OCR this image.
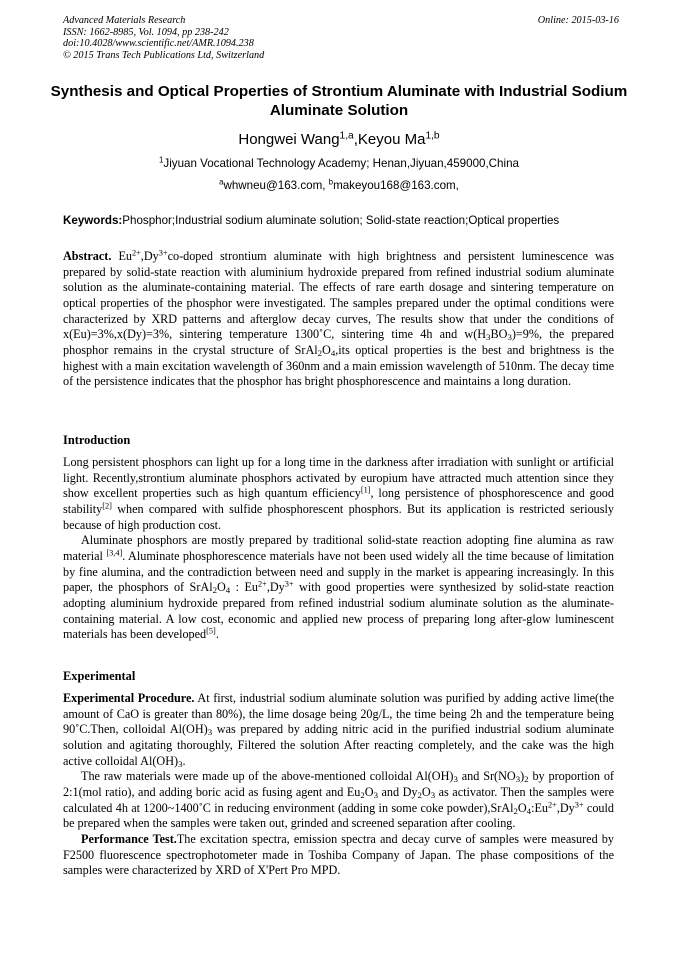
Advanced Materials Research
ISSN: 1662-8985, Vol. 1094, pp 238-242
doi:10.4028/www.scientific.net/AMR.1094.238
© 2015 Trans Tech Publications Ltd, Switzerland
Online: 2015-03-16
Synthesis and Optical Properties of Strontium Aluminate with Industrial Sodium Aluminate Solution
Hongwei Wang$^{1,a}$,Keyou Ma$^{1,b}$
$^1$Jiyuan Vocational Technology Academy; Henan,Jiyuan,459000,China
$^a$whwneu@163.com, $^b$makeyou168@163.com,
Keywords:Phosphor;Industrial sodium aluminate solution; Solid-state reaction;Optical properties

Abstract. $Eu^{2+},Dy^{3+}co$-doped strontium aluminate with high brightness and persistent luminescence was prepared by solid-state reaction with aluminium hydroxide prepared from refined industrial sodium aluminate solution as the aluminate-containing material. The effects of rare earth dosage and sintering temperature on optical properties of the phosphor were investigated. The samples prepared under the optimal conditions were characterized by XRD patterns and afterglow decay curves, The results show that under the conditions of x(Eu)=3%,x(Dy)=3%, sintering temperature 1300˚C, sintering time 4h and $w(H_3BO_3)=9\%$, the prepared phosphor remains in the crystal structure of $SrAl_2O_4,its$ optical properties is the best and brightness is the highest with a main excitation wavelength of 360nm and a main emission wavelength of 510nm. The decay time of the persistence indicates that the phosphor has bright phosphorescence and maintains a long duration.

Introduction

Long persistent phosphors can light up for a long time in the darkness after irradiation with sunlight or artificial light. Recently,strontium aluminate phosphors activated by europium have attracted much attention since they show excellent properties such as high quantum efficiency[1], long persistence of phosphorescence and good stability[2] when compared with sulfide phosphorescent phosphors. But its application is restricted seriously because of high production cost.

Aluminate phosphors are mostly prepared by traditional solid-state reaction adopting fine alumina as raw material [3,4]. Aluminate phosphorescence materials have not been used widely all the time because of limitation by fine alumina, and the contradiction between need and supply in the market is appearing increasingly. In this paper, the phosphors of $SrAl_2O_4$ : $Eu^{2+},Dy^{3+}$ with good properties were synthesized by solid-state reaction adopting aluminium hydroxide prepared from refined industrial sodium aluminate solution as the aluminate-containing material. A low cost, economic and applied new process of preparing long after-glow luminescent materials has been developed[5].

Experimental

Experimental Procedure. At first, industrial sodium aluminate solution was purified by adding active lime(the amount of CaO is greater than 80%), the lime dosage being 20g/L, the time being 2h and the temperature being 90˚C.Then, colloidal $Al(OH)_3$ was prepared by adding nitric acid in the purified industrial sodium aluminate solution and agitating thoroughly, Filtered the solution After reacting completely, and the cake was the high active colloidal $Al(OH)_3$.

The raw materials were made up of the above-mentioned colloidal $Al(OH)_3$ and $Sr(NO_3)_2$ by proportion of 2:1(mol ratio), and adding boric acid as fusing agent and $Eu_2O_3$ and $Dy_2O_3$ as activator. Then the samples were calculated 4h at 1200~1400˚C in reducing environment (adding in some coke $powder),SrAl_2O_4:Eu^{2+},Dy^{3+}$ could be prepared when the samples were taken out, grinded and screened separation after cooling.

Performance Test.The excitation spectra, emission spectra and decay curve of samples were measured by F2500 fluorescence spectrophotometer made in Toshiba Company of Japan. The phase compositions of the samples were characterized by XRD of X'Pert Pro MPD.
